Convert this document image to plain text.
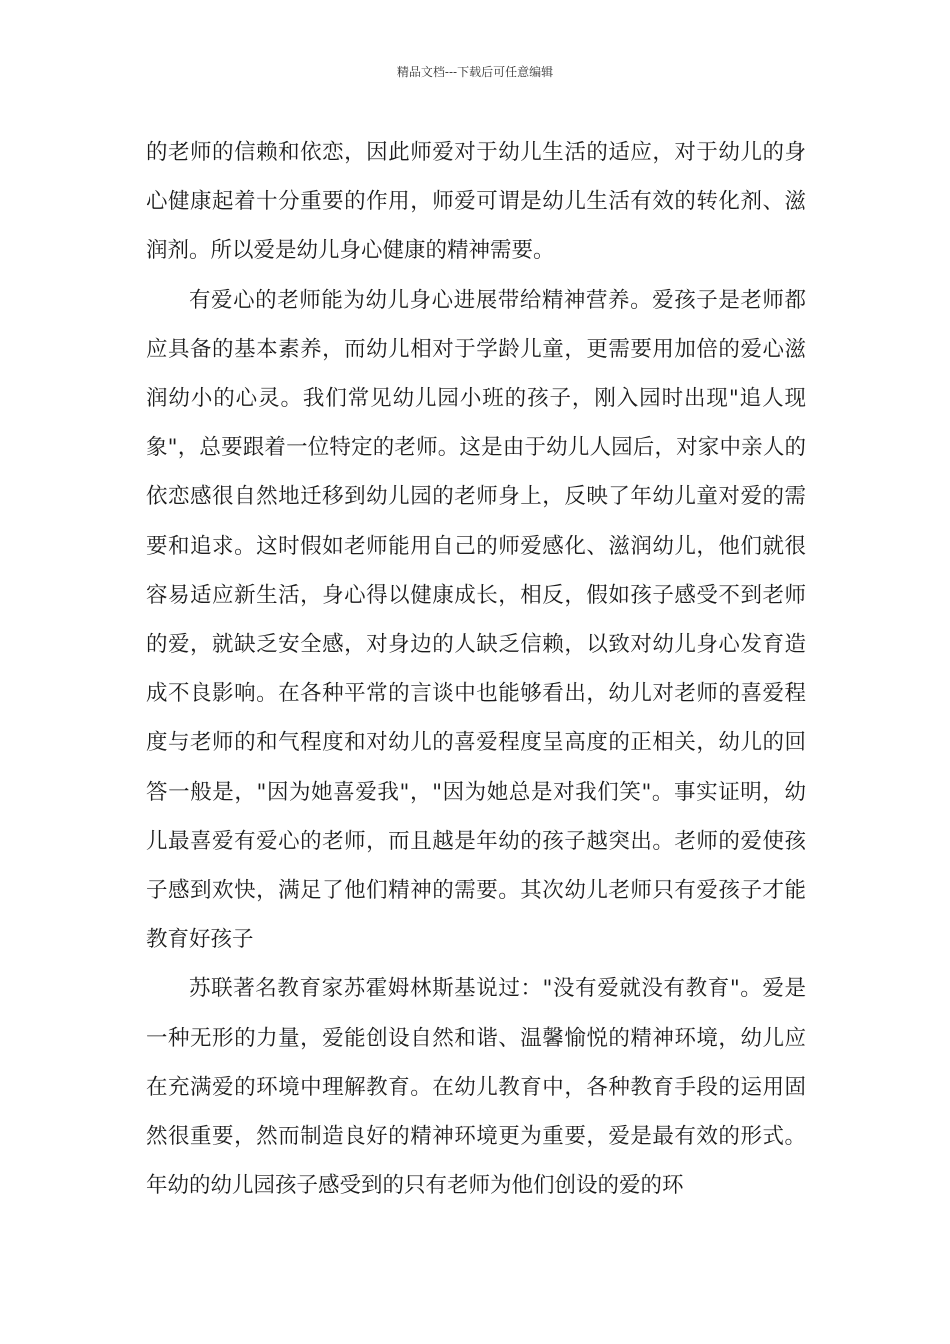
精品文档---下载后可任意编辑

的老师的信赖和依恋，因此师爱对于幼儿生活的适应，对于幼儿的身心健康起着十分重要的作用，师爱可谓是幼儿生活有效的转化剂、滋润剂。所以爱是幼儿身心健康的精神需要。

有爱心的老师能为幼儿身心进展带给精神营养。爱孩子是老师都应具备的基本素养，而幼儿相对于学龄儿童，更需要用加倍的爱心滋润幼小的心灵。我们常见幼儿园小班的孩子，刚入园时出现"追人现象"，总要跟着一位特定的老师。这是由于幼儿人园后，对家中亲人的依恋感很自然地迁移到幼儿园的老师身上，反映了年幼儿童对爱的需要和追求。这时假如老师能用自己的师爱感化、滋润幼儿，他们就很容易适应新生活，身心得以健康成长，相反，假如孩子感受不到老师的爱，就缺乏安全感，对身边的人缺乏信赖，以致对幼儿身心发育造成不良影响。在各种平常的言谈中也能够看出，幼儿对老师的喜爱程度与老师的和气程度和对幼儿的喜爱程度呈高度的正相关，幼儿的回答一般是，"因为她喜爱我"，"因为她总是对我们笑"。事实证明，幼儿最喜爱有爱心的老师，而且越是年幼的孩子越突出。老师的爱使孩子感到欢快，满足了他们精神的需要。其次幼儿老师只有爱孩子才能教育好孩子

苏联著名教育家苏霍姆林斯基说过："没有爱就没有教育"。爱是一种无形的力量，爱能创设自然和谐、温馨愉悦的精神环境，幼儿应在充满爱的环境中理解教育。在幼儿教育中，各种教育手段的运用固然很重要，然而制造良好的精神环境更为重要，爱是最有效的形式。年幼的幼儿园孩子感受到的只有老师为他们创设的爱的环
